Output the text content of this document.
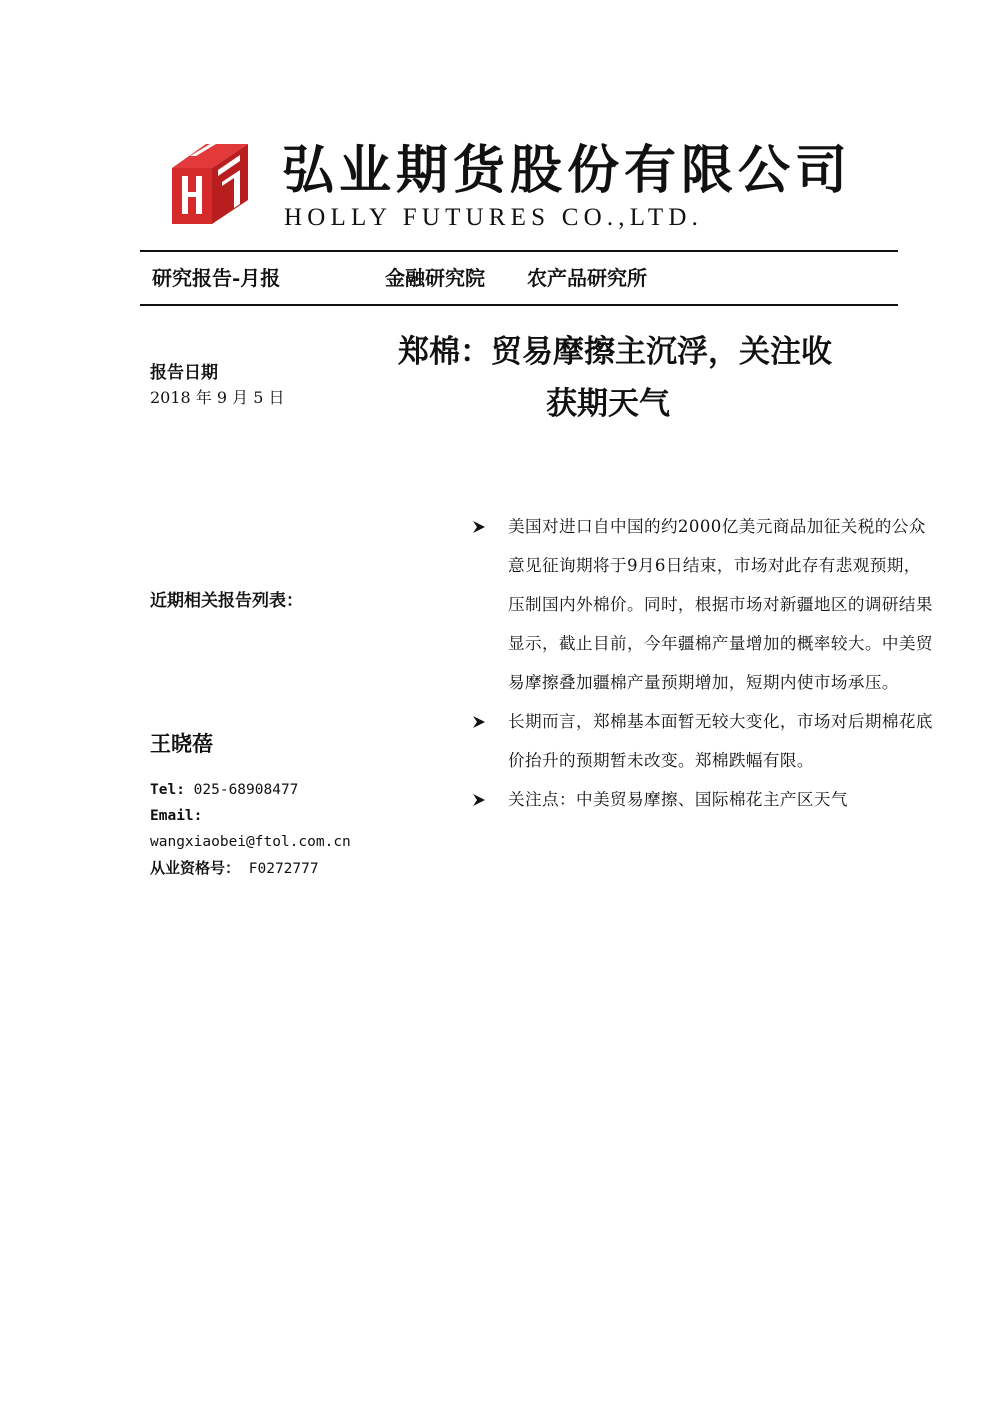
弘业期货股份有限公司
HOLLY FUTURES CO.,LTD.
研究报告-月报	金融研究院 农产品研究所
报告日期
2018 年 9 月 5 日
近期相关报告列表：
王晓蓓
Tel: 025-68908477
Email:
wangxiaobei@ftol.com.cn
从业资格号： F0272777
郑棉：贸易摩擦主沉浮，关注收
获期天气
美国对进口自中国的约2000亿美元商品加征关税的公众意见征询期将于9月6日结束，市场对此存有悲观预期，压制国内外棉价。同时，根据市场对新疆地区的调研结果显示，截止目前，今年疆棉产量增加的概率较大。中美贸易摩擦叠加疆棉产量预期增加，短期内使市场承压。
长期而言，郑棉基本面暂无较大变化，市场对后期棉花底价抬升的预期暂未改变。郑棉跌幅有限。
关注点：中美贸易摩擦、国际棉花主产区天气
